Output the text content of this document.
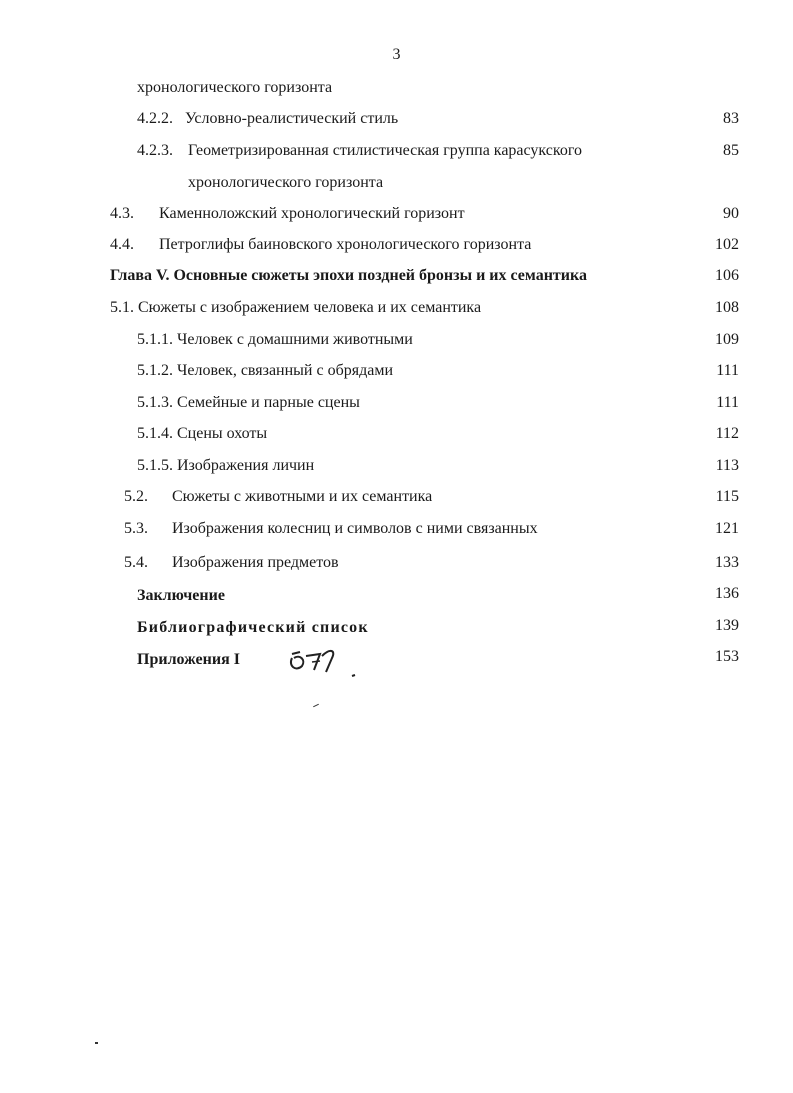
3
хронологического горизонта
4.2.2. Условно-реалистический стиль	83
4.2.3. Геометризированная стилистическая группа карасукского	85
хронологического горизонта
4.3. Каменноложский хронологический горизонт	90
4.4. Петроглифы баиновского хронологического горизонта	102
Глава V. Основные сюжеты эпохи поздней бронзы и их семантика	106
5.1. Сюжеты с изображением человека и их семантика	108
5.1.1. Человек с домашними животными	109
5.1.2. Человек, связанный с обрядами	111
5.1.3. Семейные и парные сцены	111
5.1.4. Сцены охоты	112
5.1.5. Изображения личин	113
5.2. Сюжеты с животными и их семантика	115
5.3. Изображения колесниц и символов с ними связанных	121
5.4. Изображения предметов	133
Заключение	136
Библиографический список	139
Приложения I	153
